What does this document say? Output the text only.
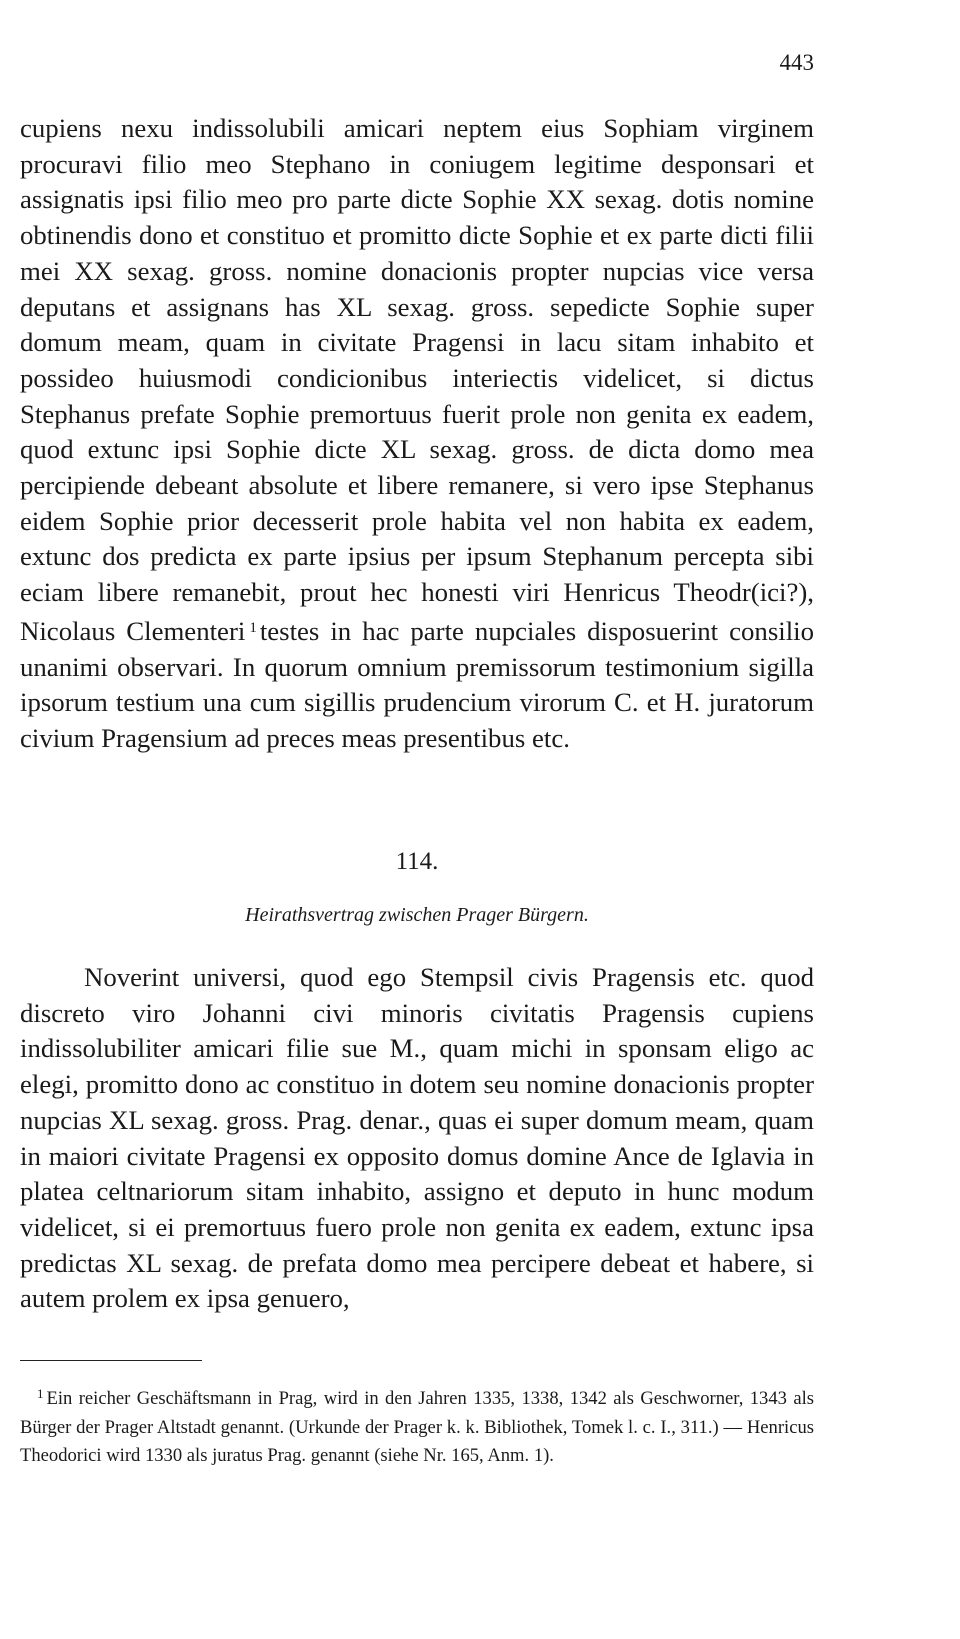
443
cupiens nexu indissolubili amicari neptem eius Sophiam virginem procuravi filio meo Stephano in coniugem legitime desponsari et assignatis ipsi filio meo pro parte dicte Sophie XX sexag. dotis nomine obtinendis dono et constituo et promitto dicte Sophie et ex parte dicti filii mei XX sexag. gross. nomine donacionis propter nupcias vice versa deputans et assignans has XL sexag. gross. sepedicte Sophie super domum meam, quam in civitate Pragensi in lacu sitam inhabito et possideo huiusmodi condicionibus interiectis videlicet, si dictus Stephanus prefate Sophie premortuus fuerit prole non genita ex eadem, quod extunc ipsi Sophie dicte XL sexag. gross. de dicta domo mea percipiende debeant absolute et libere remanere, si vero ipse Stephanus eidem Sophie prior decesserit prole habita vel non habita ex eadem, extunc dos predicta ex parte ipsius per ipsum Stephanum percepta sibi eciam libere remanebit, prout hec honesti viri Henricus Theodr(ici?), Nicolaus Clementeri $^1$ testes in hac parte nupciales disposuerint consilio unanimi observari. In quorum omnium premissorum testimonium sigilla ipsorum testium una cum sigillis prudencium virorum C. et H. juratorum civium Pragensium ad preces meas presentibus etc.
114.
Heirathsvertrag zwischen Prager Bürgern.
Noverint universi, quod ego Stempsil civis Pragensis etc. quod discreto viro Johanni civi minoris civitatis Pragensis cupiens indissolubiliter amicari filie sue M., quam michi in sponsam eligo ac elegi, promitto dono ac constituo in dotem seu nomine donacionis propter nupcias XL sexag. gross. Prag. denar., quas ei super domum meam, quam in maiori civitate Pragensi ex opposito domus domine Ance de Iglavia in platea celtnariorum sitam inhabito, assigno et deputo in hunc modum videlicet, si ei premortuus fuero prole non genita ex eadem, extunc ipsa predictas XL sexag. de prefata domo mea percipere debeat et habere, si autem prolem ex ipsa genuero,
$^1$ Ein reicher Geschäftsmann in Prag, wird in den Jahren 1335, 1338, 1342 als Geschworner, 1343 als Bürger der Prager Altstadt genannt. (Urkunde der Prager k. k. Bibliothek, Tomek l. c. I., 311.) — Henricus Theodorici wird 1330 als juratus Prag. genannt (siehe Nr. 165, Anm. 1).
